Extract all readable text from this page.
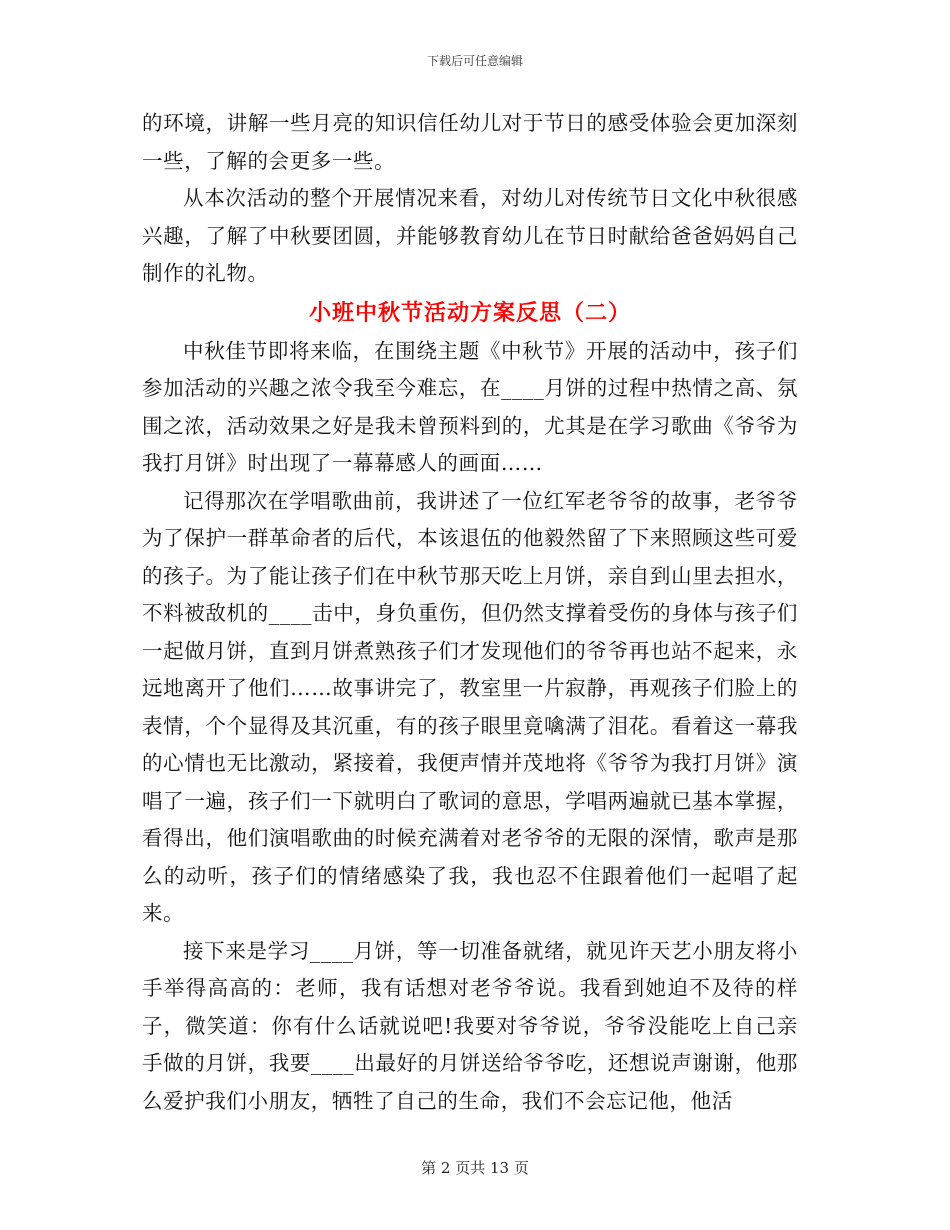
下载后可任意编辑

的环境，讲解一些月亮的知识信任幼儿对于节日的感受体验会更加深刻一些，了解的会更多一些。

从本次活动的整个开展情况来看，对幼儿对传统节日文化中秋很感兴趣，了解了中秋要团圆，并能够教育幼儿在节日时献给爸爸妈妈自己制作的礼物。

小班中秋节活动方案反思（二）

中秋佳节即将来临，在围绕主题《中秋节》开展的活动中，孩子们参加活动的兴趣之浓令我至今难忘，在____月饼的过程中热情之高、氛围之浓，活动效果之好是我未曾预料到的，尤其是在学习歌曲《爷爷为我打月饼》时出现了一幕幕感人的画面……

记得那次在学唱歌曲前，我讲述了一位红军老爷爷的故事，老爷爷为了保护一群革命者的后代，本该退伍的他毅然留了下来照顾这些可爱的孩子。为了能让孩子们在中秋节那天吃上月饼，亲自到山里去担水，不料被敌机的____击中，身负重伤，但仍然支撑着受伤的身体与孩子们一起做月饼，直到月饼煮熟孩子们才发现他们的爷爷再也站不起来，永远地离开了他们……故事讲完了，教室里一片寂静，再观孩子们脸上的表情，个个显得及其沉重，有的孩子眼里竟噙满了泪花。看着这一幕我的心情也无比激动，紧接着，我便声情并茂地将《爷爷为我打月饼》演唱了一遍，孩子们一下就明白了歌词的意思，学唱两遍就已基本掌握，看得出，他们演唱歌曲的时候充满着对老爷爷的无限的深情，歌声是那么的动听，孩子们的情绪感染了我，我也忍不住跟着他们一起唱了起来。

接下来是学习____月饼，等一切准备就绪，就见许天艺小朋友将小手举得高高的：老师，我有话想对老爷爷说。我看到她迫不及待的样子，微笑道：你有什么话就说吧!我要对爷爷说，爷爷没能吃上自己亲手做的月饼，我要____出最好的月饼送给爷爷吃，还想说声谢谢，他那么爱护我们小朋友，牺牲了自己的生命，我们不会忘记他，他活

第 2 页共 13 页
